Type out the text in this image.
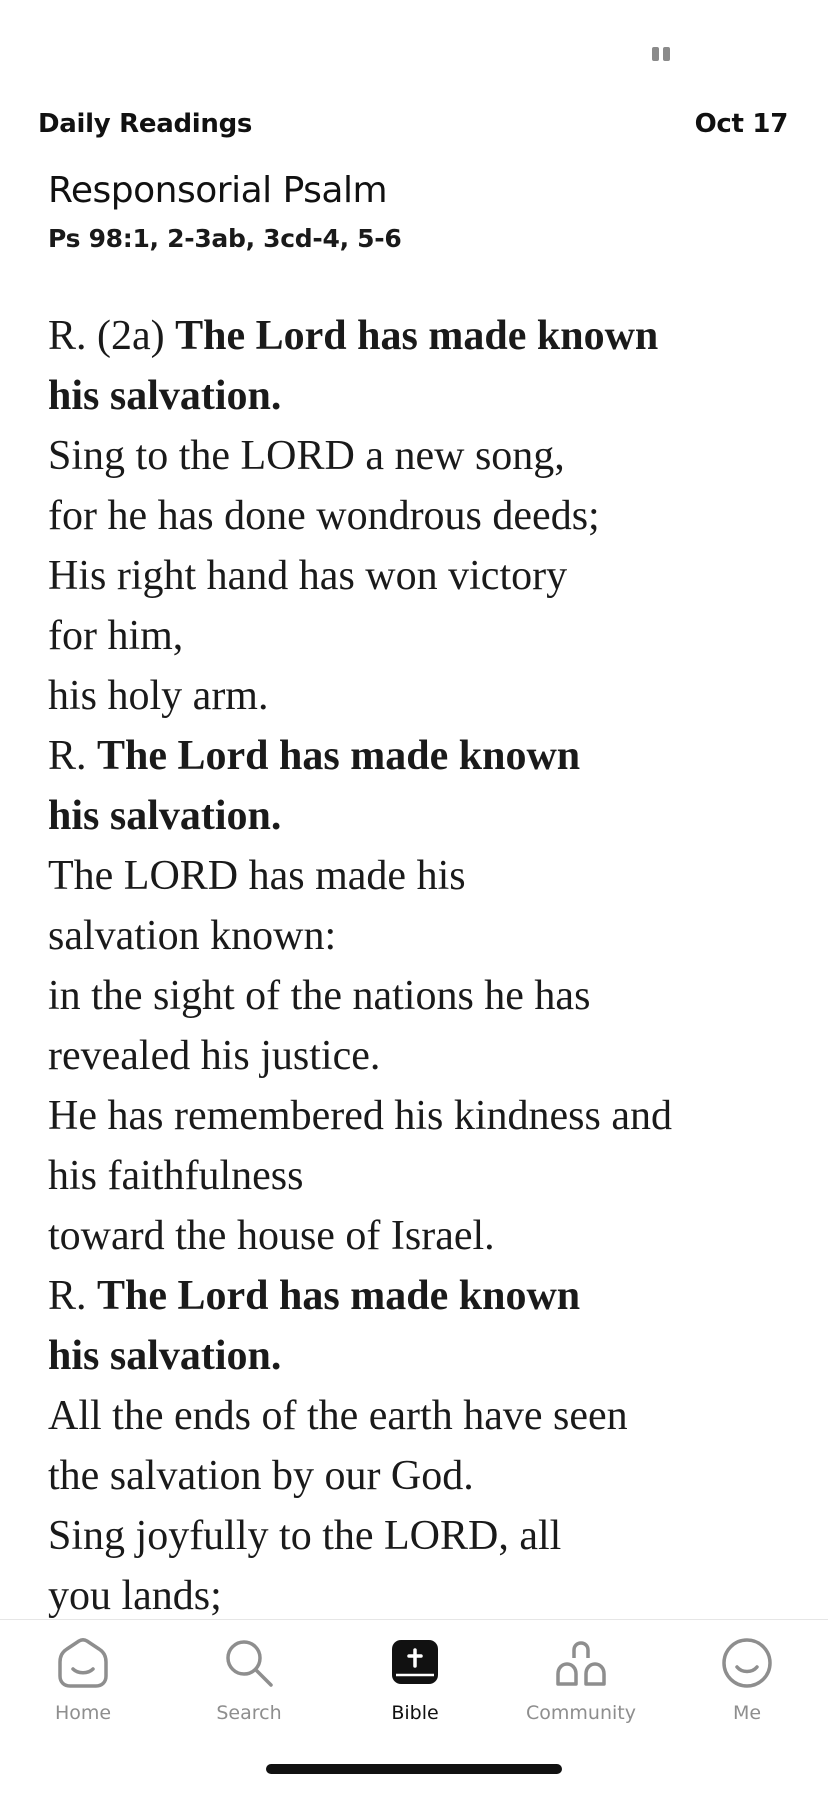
Daily Readings	Oct 17
Responsorial Psalm
Ps 98:1, 2-3ab, 3cd-4, 5-6
R. (2a) The Lord has made known
his salvation.
Sing to the LORD a new song,
for he has done wondrous deeds;
His right hand has won victory
for him,
his holy arm.
R. The Lord has made known
his salvation.
The LORD has made his
salvation known:
in the sight of the nations he has
revealed his justice.
He has remembered his kindness and
his faithfulness
toward the house of Israel.
R. The Lord has made known
his salvation.
All the ends of the earth have seen
the salvation by our God.
Sing joyfully to the LORD, all
you lands;
Home	Search	Bible	Community	Me
